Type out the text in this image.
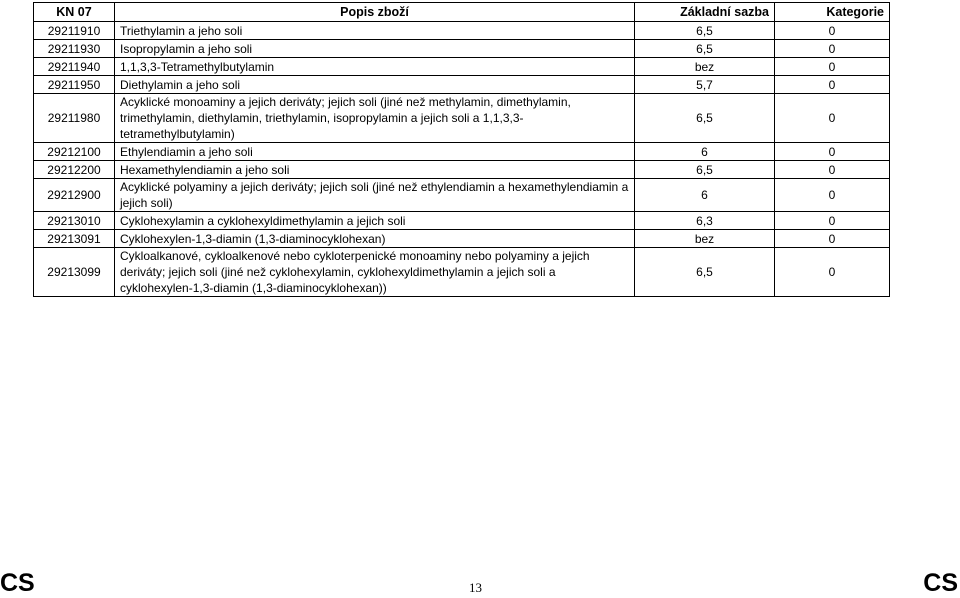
KN 07	Popis zboží	Základní sazba	Kategorie
29211910	Triethylamin a jeho soli	6,5	0
29211930	Isopropylamin a jeho soli	6,5	0
29211940	1,1,3,3-Tetramethylbutylamin	bez	0
29211950	Diethylamin a jeho soli	5,7	0
29211980	Acyklické monoaminy a jejich deriváty; jejich soli (jiné než methylamin, dimethylamin, trimethylamin, diethylamin, triethylamin, isopropylamin a jejich soli a 1,1,3,3-tetramethylbutylamin)	6,5	0
29212100	Ethylendiamin a jeho soli	6	0
29212200	Hexamethylendiamin a jeho soli	6,5	0
29212900	Acyklické polyaminy a jejich deriváty; jejich soli (jiné než ethylendiamin a hexamethylendiamin a jejich soli)	6	0
29213010	Cyklohexylamin a cyklohexyldimethylamin a jejich soli	6,3	0
29213091	Cyklohexylen-1,3-diamin (1,3-diaminocyklohexan)	bez	0
29213099	Cykloalkanové, cykloalkenové nebo cykloterpenické monoaminy nebo polyaminy a jejich deriváty; jejich soli (jiné než cyklohexylamin, cyklohexyldimethylamin a jejich soli a cyklohexylen-1,3-diamin (1,3-diaminocyklohexan))	6,5	0
CS	13	CS
